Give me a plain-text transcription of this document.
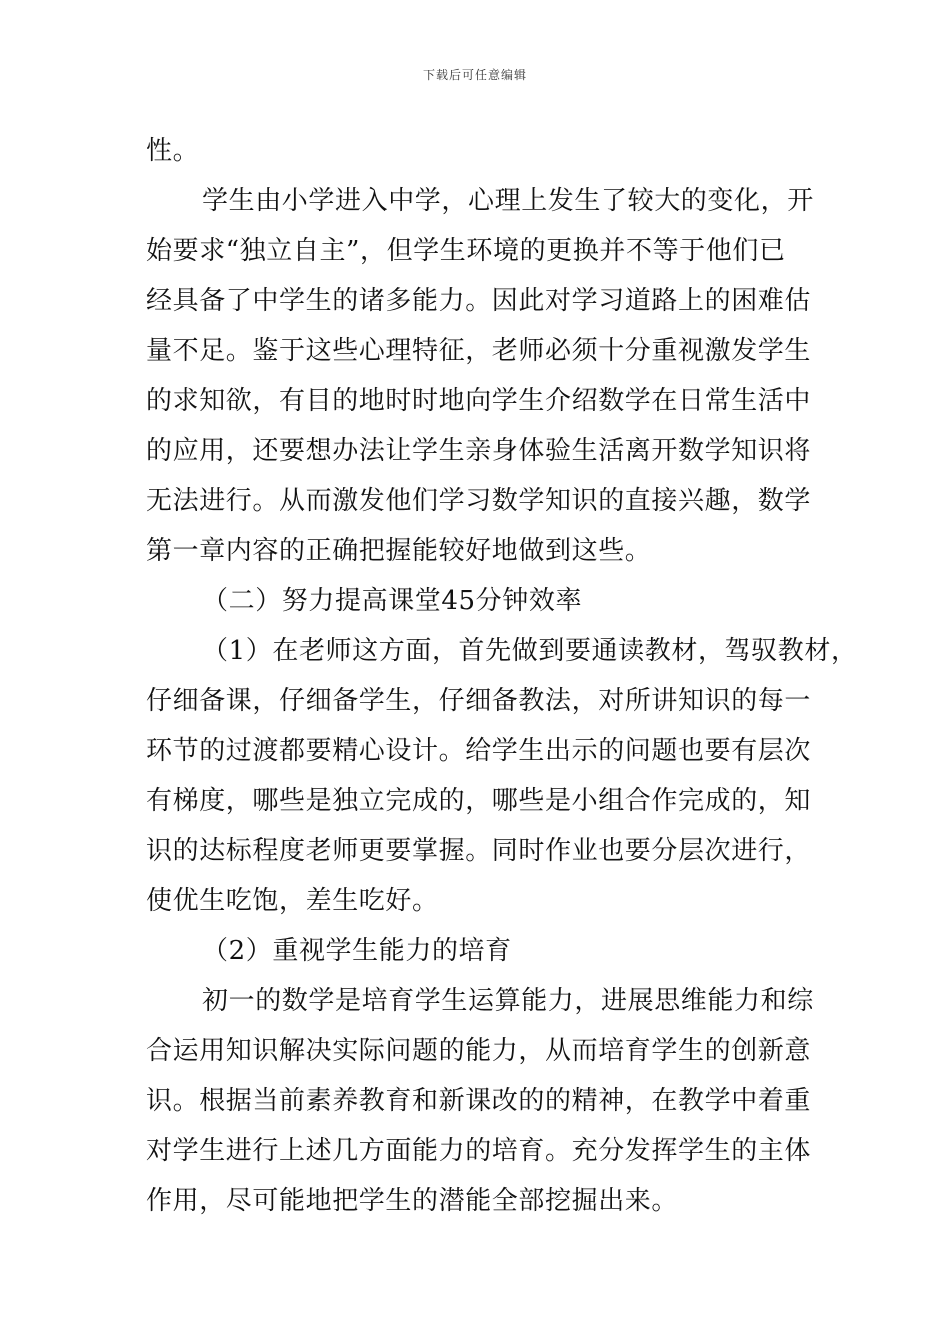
下载后可任意编辑
性。
学生由小学进入中学，心理上发生了较大的变化，开
始要求“独立自主”，但学生环境的更换并不等于他们已
经具备了中学生的诸多能力。因此对学习道路上的困难估
量不足。鉴于这些心理特征，老师必须十分重视激发学生
的求知欲，有目的地时时地向学生介绍数学在日常生活中
的应用，还要想办法让学生亲身体验生活离开数学知识将
无法进行。从而激发他们学习数学知识的直接兴趣，数学
第一章内容的正确把握能较好地做到这些。
（二）努力提高课堂45分钟效率
（1）在老师这方面，首先做到要通读教材，驾驭教材，
仔细备课，仔细备学生，仔细备教法，对所讲知识的每一
环节的过渡都要精心设计。给学生出示的问题也要有层次
有梯度，哪些是独立完成的，哪些是小组合作完成的，知
识的达标程度老师更要掌握。同时作业也要分层次进行，
使优生吃饱，差生吃好。
（2）重视学生能力的培育
初一的数学是培育学生运算能力，进展思维能力和综
合运用知识解决实际问题的能力，从而培育学生的创新意
识。根据当前素养教育和新课改的的精神，在教学中着重
对学生进行上述几方面能力的培育。充分发挥学生的主体
作用，尽可能地把学生的潜能全部挖掘出来。
